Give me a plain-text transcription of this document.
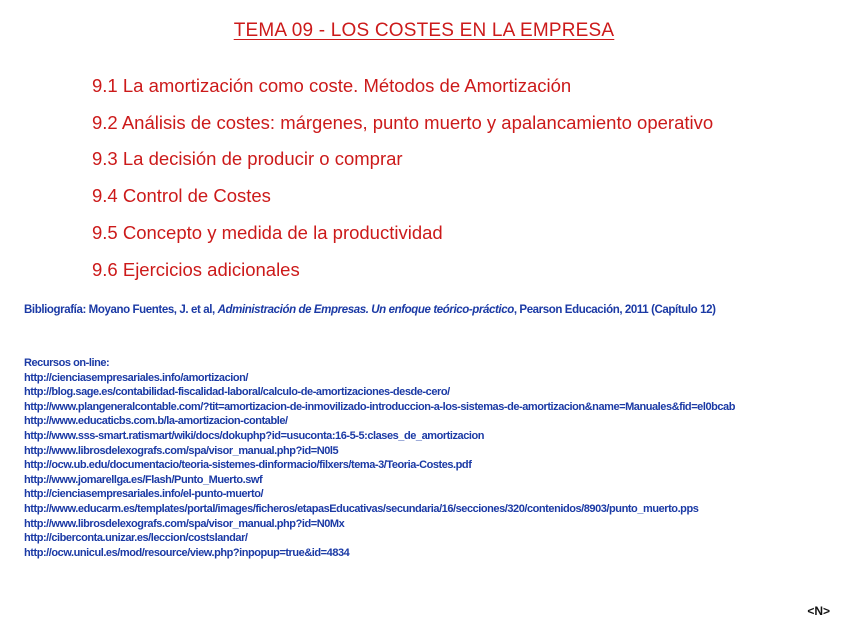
TEMA 09 - LOS COSTES EN LA EMPRESA
9.1 La amortización como coste. Métodos de Amortización
9.2 Análisis de costes: márgenes, punto muerto y apalancamiento operativo
9.3 La decisión de producir o comprar
9.4 Control de Costes
9.5 Concepto y medida de la productividad
9.6 Ejercicios adicionales
Bibliografía: Moyano Fuentes, J. et al, Administración de Empresas. Un enfoque teórico-práctico, Pearson Educación, 2011 (Capítulo 12)
Recursos on-line:
http://cienciasempresariales.info/amortizacion/
http://blog.sage.es/contabilidad-fiscalidad-laboral/calculo-de-amortizaciones-desde-cero/
http://www.plangeneralcontable.com/?tit=amortizacion-de-inmovilizado-introduccion-a-los-sistemas-de-amortizacion&name=Manuales&fid=el0bcab
http://www.educaticbs.com.b/la-amortizacion-contable/
http://www.sss-smart.ratismart/wiki/docs/dokuphp?id=usuconta:16-5-5:clases_de_amortizacion
http://www.librosdelexografs.com/spa/visor_manual.php?id=N0l5
http://ocw.ub.edu/documentacio/teoria-sistemes-dinformacio/filxers/tema-3/Teoria-Costes.pdf
http://www.jomarellga.es/Flash/Punto_Muerto.swf
http://cienciasempresariales.info/el-punto-muerto/
http://www.educarm.es/templates/portal/images/ficheros/etapasEducativas/secundaria/16/secciones/320/contenidos/8903/punto_muerto.pps
http://www.librosdelexografs.com/spa/visor_manual.php?id=N0Mx
http://ciberconta.unizar.es/leccion/costslandar/
http://ocw.unicul.es/mod/resource/view.php?inpopup=true&id=4834
<N>
